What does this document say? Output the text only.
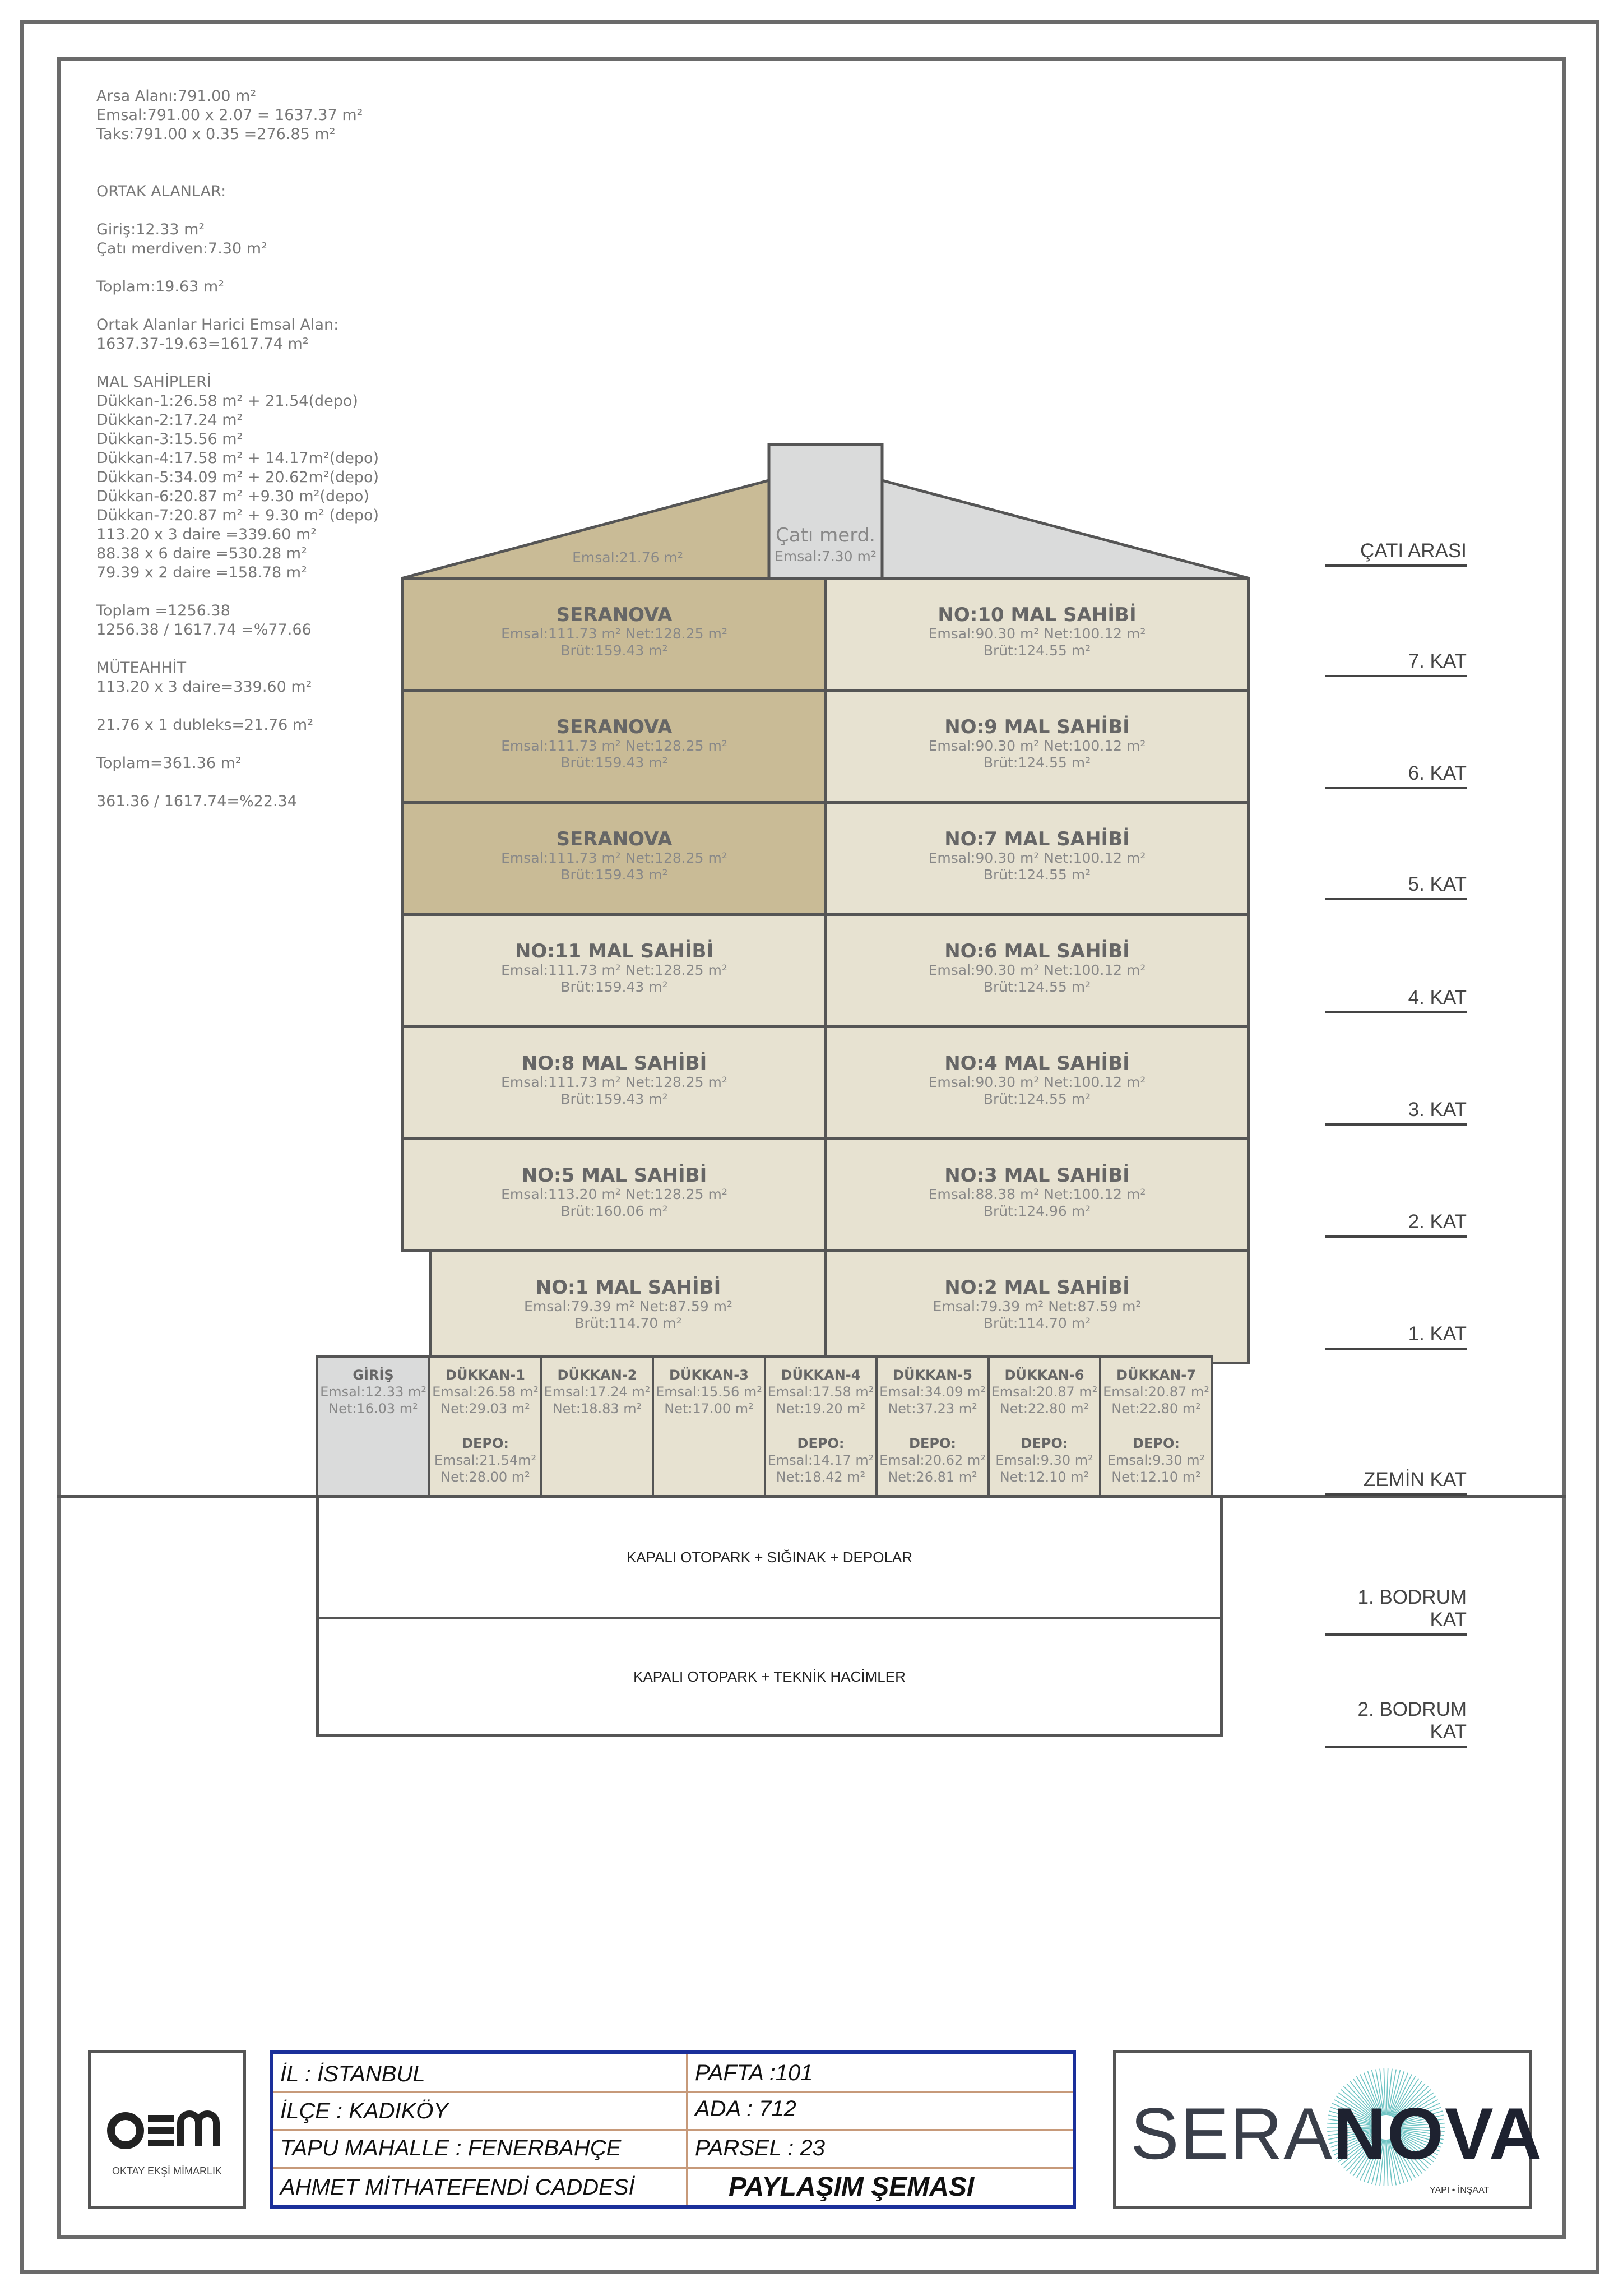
Arsa Alanı:791.00 m²
Emsal:791.00 x 2.07 = 1637.37 m²
Taks:791.00 x 0.35 =276.85 m²
ORTAK ALANLAR:
Giriş:12.33 m²
Çatı merdiven:7.30 m²
Toplam:19.63 m²
Ortak Alanlar Harici Emsal Alan:
1637.37-19.63=1617.74 m²
MAL SAHİPLERİ
Dükkan-1:26.58 m² + 21.54(depo)
Dükkan-2:17.24 m²
Dükkan-3:15.56 m²
Dükkan-4:17.58 m² + 14.17m²(depo)
Dükkan-5:34.09 m² + 20.62m²(depo)
Dükkan-6:20.87 m² +9.30 m²(depo)
Dükkan-7:20.87 m² + 9.30 m² (depo)
113.20 x 3 daire =339.60 m²
88.38 x 6 daire =530.28 m²
79.39 x 2 daire =158.78 m²
Toplam =1256.38
1256.38 / 1617.74 =%77.66
MÜTEAHHİT
113.20 x 3 daire=339.60 m²
21.76 x 1 dubleks=21.76 m²
Toplam=361.36 m²
361.36 / 1617.74=%22.34
Emsal:21.76 m²
Çatı merd.
Emsal:7.30 m²
SERANOVA
Emsal:111.73 m² Net:128.25 m²
Brüt:159.43 m²
NO:10 MAL SAHİBİ
Emsal:90.30 m² Net:100.12 m²
Brüt:124.55 m²
SERANOVA
Emsal:111.73 m² Net:128.25 m²
Brüt:159.43 m²
NO:9 MAL SAHİBİ
Emsal:90.30 m² Net:100.12 m²
Brüt:124.55 m²
SERANOVA
Emsal:111.73 m² Net:128.25 m²
Brüt:159.43 m²
NO:7 MAL SAHİBİ
Emsal:90.30 m² Net:100.12 m²
Brüt:124.55 m²
NO:11 MAL SAHİBİ
Emsal:111.73 m² Net:128.25 m²
Brüt:159.43 m²
NO:6 MAL SAHİBİ
Emsal:90.30 m² Net:100.12 m²
Brüt:124.55 m²
NO:8 MAL SAHİBİ
Emsal:111.73 m² Net:128.25 m²
Brüt:159.43 m²
NO:4 MAL SAHİBİ
Emsal:90.30 m² Net:100.12 m²
Brüt:124.55 m²
NO:5 MAL SAHİBİ
Emsal:113.20 m² Net:128.25 m²
Brüt:160.06 m²
NO:3 MAL SAHİBİ
Emsal:88.38 m² Net:100.12 m²
Brüt:124.96 m²
NO:1 MAL SAHİBİ
Emsal:79.39 m² Net:87.59 m²
Brüt:114.70 m²
NO:2 MAL SAHİBİ
Emsal:79.39 m² Net:87.59 m²
Brüt:114.70 m²
GİRİŞ
Emsal:12.33 m²
Net:16.03 m²
DÜKKAN-1
Emsal:26.58 m²
Net:29.03 m²
DEPO:
Emsal:21.54m²
Net:28.00 m²
DÜKKAN-2
Emsal:17.24 m²
Net:18.83 m²
DÜKKAN-3
Emsal:15.56 m²
Net:17.00 m²
DÜKKAN-4
Emsal:17.58 m²
Net:19.20 m²
DEPO:
Emsal:14.17 m²
Net:18.42 m²
DÜKKAN-5
Emsal:34.09 m²
Net:37.23 m²
DEPO:
Emsal:20.62 m²
Net:26.81 m²
DÜKKAN-6
Emsal:20.87 m²
Net:22.80 m²
DEPO:
Emsal:9.30 m²
Net:12.10 m²
DÜKKAN-7
Emsal:20.87 m²
Net:22.80 m²
DEPO:
Emsal:9.30 m²
Net:12.10 m²
KAPALI OTOPARK + SIĞINAK + DEPOLAR
KAPALI OTOPARK + TEKNİK HACİMLER
ÇATI ARASI
7. KAT
6. KAT
5. KAT
4. KAT
3. KAT
2. KAT
1. KAT
ZEMİN KAT
1. BODRUM KAT
2. BODRUM KAT
OKTAY EKŞİ MİMARLIK
İL : İSTANBUL
İLÇE : KADIKÖY
TAPU MAHALLE : FENERBAHÇE
AHMET MİTHATEFENDİ CADDESİ
PAFTA :101
ADA : 712
PARSEL : 23
PAYLAŞIM ŞEMASI
SERANOVA
YAPI • İNŞAAT
